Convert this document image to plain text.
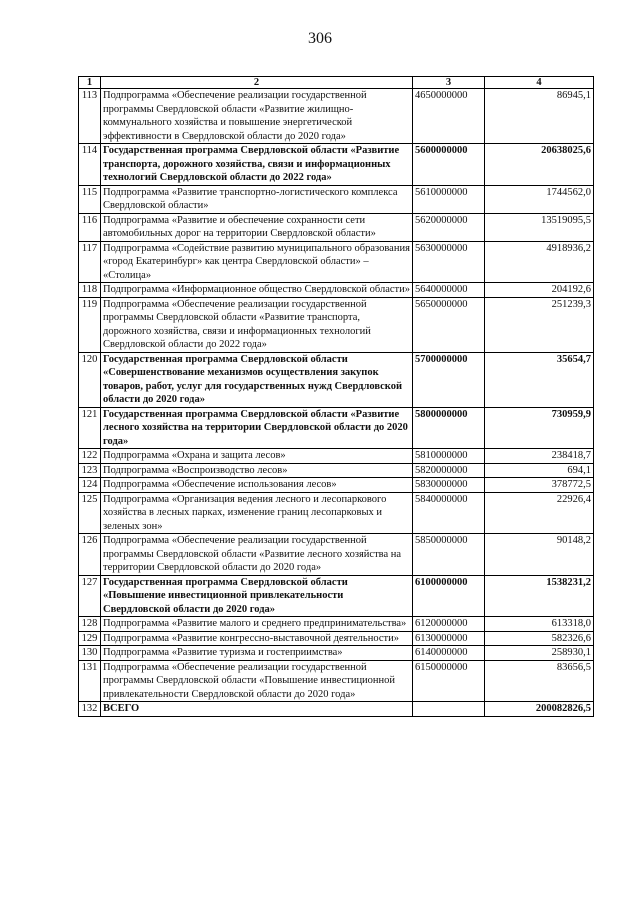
306
1	2	3	4
113	Подпрограмма «Обеспечение реализации государственной программы Свердловской области «Развитие жилищно-коммунального хозяйства и повышение энергетической эффективности в Свердловской области до 2020 года»	4650000000	86945,1
114	Государственная программа Свердловской области «Развитие транспорта, дорожного хозяйства, связи и информационных технологий Свердловской области до 2022 года»	5600000000	20638025,6
115	Подпрограмма «Развитие транспортно-логистического комплекса Свердловской области»	5610000000	1744562,0
116	Подпрограмма «Развитие и обеспечение сохранности сети автомобильных дорог на территории Свердловской области»	5620000000	13519095,5
117	Подпрограмма «Содействие развитию муниципального образования «город Екатеринбург» как центра Свердловской области» – «Столица»	5630000000	4918936,2
118	Подпрограмма «Информационное общество Свердловской области»	5640000000	204192,6
119	Подпрограмма «Обеспечение реализации государственной программы Свердловской области «Развитие транспорта, дорожного хозяйства, связи и информационных технологий Свердловской области до 2022 года»	5650000000	251239,3
120	Государственная программа Свердловской области «Совершенствование механизмов осуществления закупок товаров, работ, услуг для государственных нужд Свердловской области до 2020 года»	5700000000	35654,7
121	Государственная программа Свердловской области «Развитие лесного хозяйства на территории Свердловской области до 2020 года»	5800000000	730959,9
122	Подпрограмма «Охрана и защита лесов»	5810000000	238418,7
123	Подпрограмма «Воспроизводство лесов»	5820000000	694,1
124	Подпрограмма «Обеспечение использования лесов»	5830000000	378772,5
125	Подпрограмма «Организация ведения лесного и лесопаркового хозяйства в лесных парках, изменение границ лесопарковых и зеленых зон»	5840000000	22926,4
126	Подпрограмма «Обеспечение реализации государственной программы Свердловской области «Развитие лесного хозяйства на территории Свердловской области до 2020 года»	5850000000	90148,2
127	Государственная программа Свердловской области «Повышение инвестиционной привлекательности Свердловской области до 2020 года»	6100000000	1538231,2
128	Подпрограмма «Развитие малого и среднего предпринимательства»	6120000000	613318,0
129	Подпрограмма «Развитие конгрессно-выставочной деятельности»	6130000000	582326,6
130	Подпрограмма «Развитие туризма и гостеприимства»	6140000000	258930,1
131	Подпрограмма «Обеспечение реализации государственной программы Свердловской области «Повышение инвестиционной привлекательности Свердловской области до 2020 года»	6150000000	83656,5
132	ВСЕГО		200082826,5
